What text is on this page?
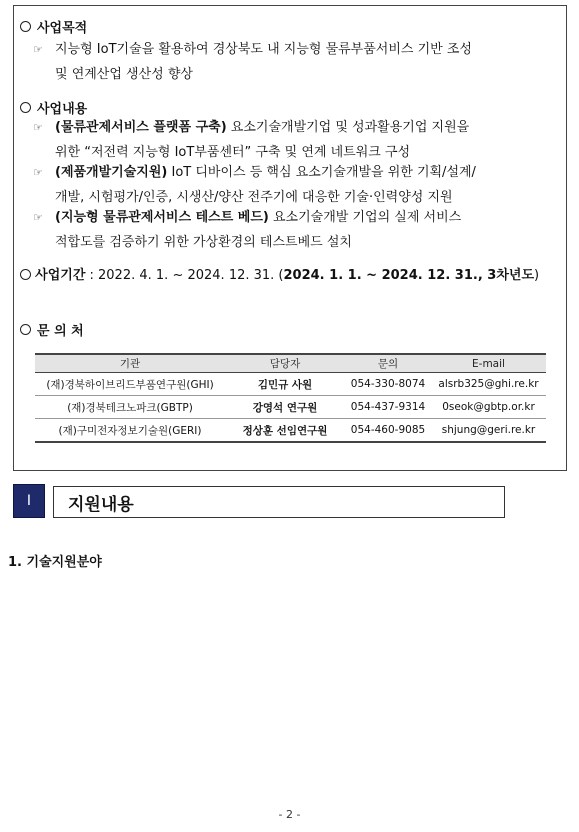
사업목적
☞ 지능형 IoT기술을 활용하여 경상북도 내 지능형 물류부품서비스 기반 조성
및 연계산업 생산성 향상
사업내용
☞ (물류관제서비스 플랫폼 구축) 요소기술개발기업 및 성과활용기업 지원을
위한 “저전력 지능형 IoT부품센터” 구축 및 연계 네트워크 구성
☞ (제품개발기술지원) IoT 디바이스 등 핵심 요소기술개발을 위한 기획/설계/
개발, 시험평가/인증, 시생산/양산 전주기에 대응한 기술·인력양성 지원
☞ (지능형 물류관제서비스 테스트 베드) 요소기술개발 기업의 실제 서비스
적합도를 검증하기 위한 가상환경의 테스트베드 설치
사업기간 : 2022. 4. 1. ~ 2024. 12. 31. (2024. 1. 1. ~ 2024. 12. 31., 3차년도)
문 의 처
기관	담당자	문의	E-mail
(재)경북하이브리드부품연구원(GHI)	김민규 사원	054-330-8074	alsrb325@ghi.re.kr
(재)경북테크노파크(GBTP)	강영석 연구원	054-437-9314	0seok@gbtp.or.kr
(재)구미전자정보기술원(GERI)	정상훈 선임연구원	054-460-9085	shjung@geri.re.kr
Ⅰ	지원내용
1. 기술지원분야
- 2 -
